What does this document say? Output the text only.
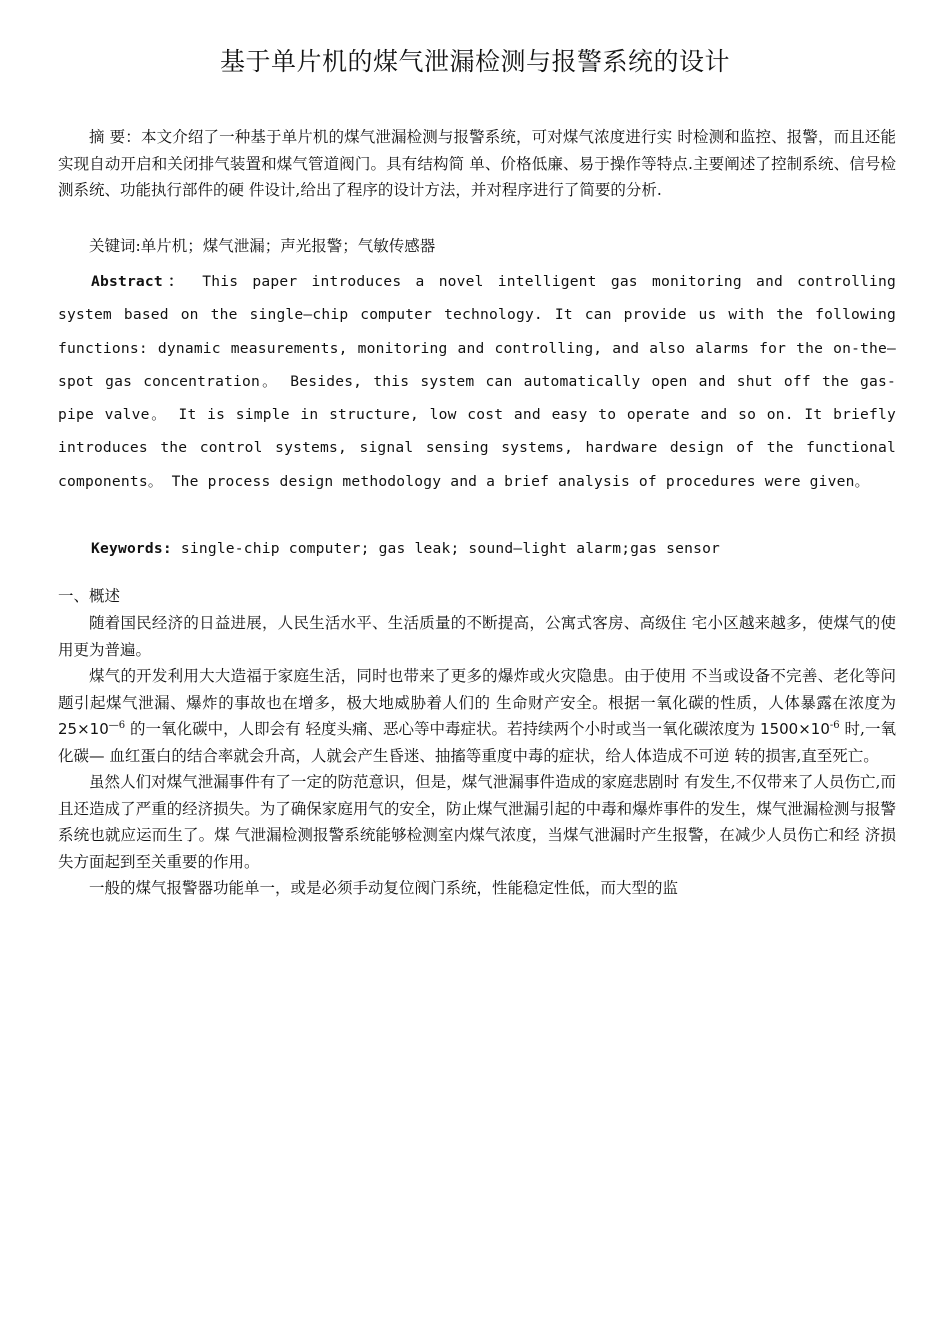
基于单片机的煤气泄漏检测与报警系统的设计
摘 要：本文介绍了一种基于单片机的煤气泄漏检测与报警系统，可对煤气浓度进行实 时检测和监控、报警，而且还能实现自动开启和关闭排气装置和煤气管道阀门。具有结构简 单、价格低廉、易于操作等特点.主要阐述了控制系统、信号检测系统、功能执行部件的硬 件设计,给出了程序的设计方法，并对程序进行了简要的分析.
关键词:单片机；煤气泄漏；声光报警；气敏传感器
Abstract： This paper introduces a novel intelligent gas monitoring and controlling system based on the single—chip computer technology. It can provide us with the following functions: dynamic measurements, monitoring and controlling, and also alarms for the on-the—spot gas concentration。 Besides, this system can automatically open and shut off the gas-pipe valve。 It is simple in structure, low cost and easy to operate and so on. It briefly introduces the control systems, signal sensing systems, hardware design of the functional components。 The process design methodology and a brief analysis of procedures were given。
Keywords: single-chip computer; gas leak; sound—light alarm;gas sensor
一、概述

随着国民经济的日益进展，人民生活水平、生活质量的不断提高，公寓式客房、高级住 宅小区越来越多，使煤气的使用更为普遍。

煤气的开发利用大大造福于家庭生活，同时也带来了更多的爆炸或火灾隐患。由于使用 不当或设备不完善、老化等问题引起煤气泄漏、爆炸的事故也在增多，极大地威胁着人们的 生命财产安全。根据一氧化碳的性质，人体暴露在浓度为 $25\times 10^{—6}$ 的一氧化碳中，人即会有 轻度头痛、恶心等中毒症状。若持续两个小时或当一氧化碳浓度为 $1500\times 10^{-6}$ 时,一氧化碳— 血红蛋白的结合率就会升高，人就会产生昏迷、抽搐等重度中毒的症状，给人体造成不可逆 转的损害,直至死亡。

虽然人们对煤气泄漏事件有了一定的防范意识，但是，煤气泄漏事件造成的家庭悲剧时 有发生,不仅带来了人员伤亡,而且还造成了严重的经济损失。为了确保家庭用气的安全，防止煤气泄漏引起的中毒和爆炸事件的发生，煤气泄漏检测与报警系统也就应运而生了。煤 气泄漏检测报警系统能够检测室内煤气浓度，当煤气泄漏时产生报警，在减少人员伤亡和经 济损失方面起到至关重要的作用。

一般的煤气报警器功能单一，或是必须手动复位阀门系统，性能稳定性低，而大型的监
